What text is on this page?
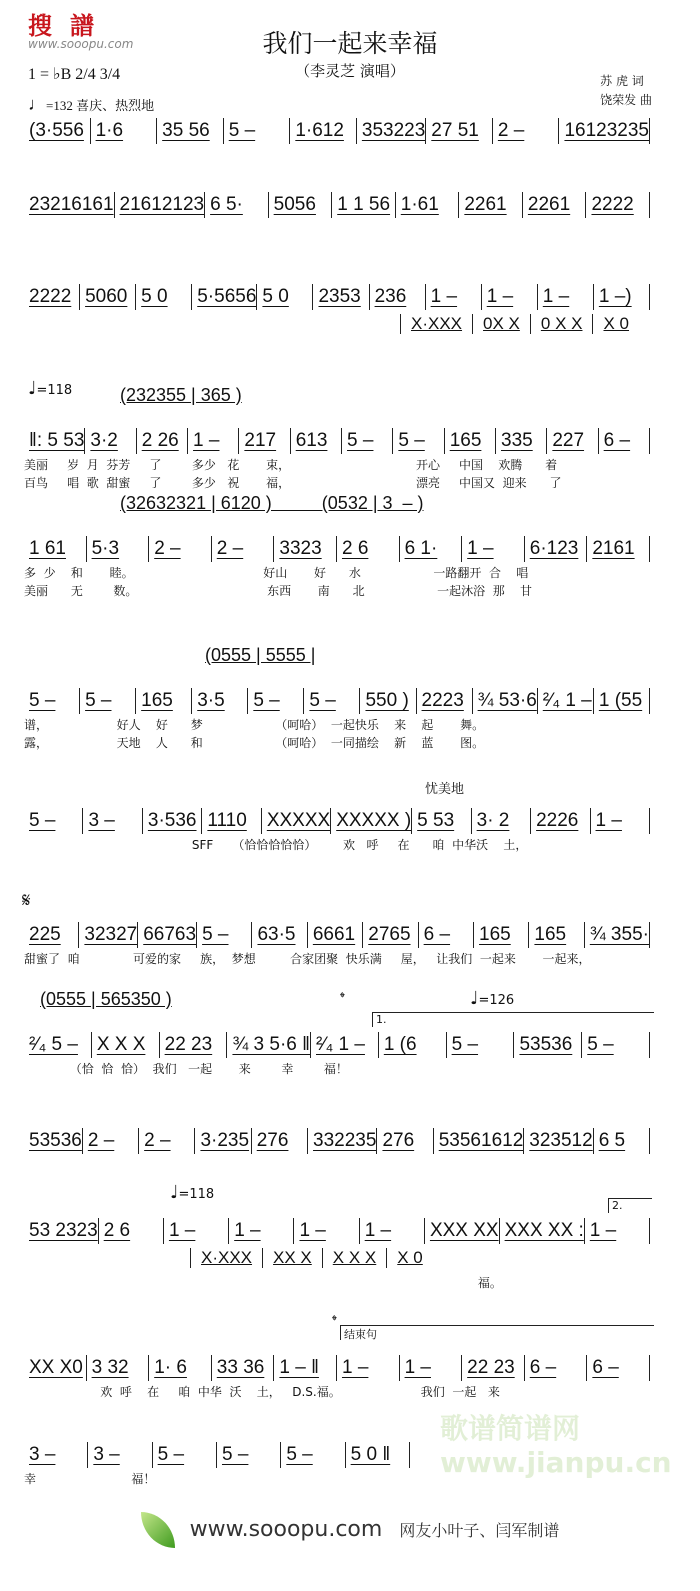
搜譜
www.sooopu.com	我们一起来幸福
（李灵芝 演唱）
1 = ♭B 2/4 3/4
♩=132 喜庆、热烈地
苏 虎 词
饶荣发 曲
歌谱简谱网 www.jianpu.cn
(3·556 1·6	35 56	5 –	1·612 353223 27 51	2 –	16123235
23216161 21612123 6 5·	5056	1 1 56 1·61	2261	2261	2222
2222 5060 5 0	5·5656 5 0	2353 236	1 –	1 –	1 –	1 –)
X·XXX	0X X	0 X X	X 0
‖: 5 53 3·2	2 26 1 –	217	613	5 –	5 –	165	335	227	6 –
美丽     岁  月  芬芳     了        多少   花       束，                                 开心     中国    欢腾      着
百鸟     唱  歌  甜蜜     了        多少   祝       福，                                 漂亮     中国又  迎来      了
(232355 | 365 )
♩=118
1 61	5·3	2 –	2 –	3323	2 6	6 1·	1 –	6·123 2161
多  少    和       睦。                                  好山       好      水                   一路翻开  合    唱
美丽      无        数。                                  东西       南      北                   一起沐浴  那    甘
(32632321 | 6120 )          (0532 | 3  – )
5 –	5 –	165	3·5	5 –	5 –	550 ) 2223 ¾ 53·6 ²⁄₄ 1 – 1 (55
谱，                  好人    好      梦                   （呵哈）  一起快乐    来    起       舞。
露，                  天地    人      和                   （呵哈）  一同描绘    新    蓝       图。
(0555 | 5555 |
5 –	3 –	3·536 1110	XXXXX XXXXX ) 5 53	3· 2	2226 1 –
SFF     （恰恰恰恰恰）       欢   呼     在      咱  中华沃    土，
忧美地
225	32327 66763 5 –	63·5 6661 2765 6 –	165	165	¾ 355·
甜蜜了  咱              可爱的家     族，  梦想         合家团聚  快乐满     屋，   让我们  一起来       一起来，
𝄋
²⁄₄ 5 – X X X	22 23	¾ 3 5·6 ‖ ²⁄₄ 1 – 1 (6	5 –	53536 5 –
（恰  恰  恰）  我们   一起       来        幸        福！
(0555 | 565350 )	♩=126
𝄌
1.
53536 2 –	2 –	3·235 276	332235 276	53561612 323512 6 5
53 2323 2 6	1 –	1 –	1 –	1 –	XXX XX XXX XX : 1 –
X·XXX	XX X	X X X	X 0
福。
♩=118
2.
XX X0 3 32	1· 6	33 36 1 – ‖	1 –	1 –	22 23 6 –	6 –
欢  呼    在     咱  中华  沃    土，   D.S.福。                     我们  一起   来
𝄌
结束句
3 –	3 –	5 –	5 –	5 –	5 0 ‖
幸                         福！
www.sooopu.com 网友小叶子、闫军制谱
